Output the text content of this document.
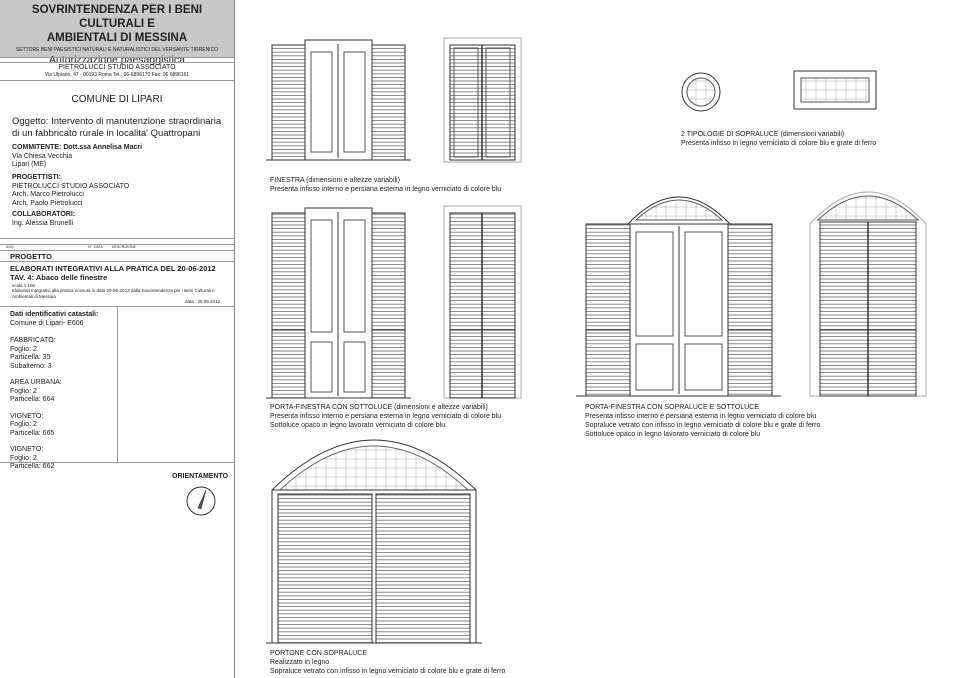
SOVRINTENDENZA PER I BENI CULTURALI E
AMBIENTALI DI MESSINA
SETTORE BENI PAESISTICI NATURALI E NATURALISTICI DEL VERSANTE TIRRENICO
Autorizzazione paesaggistica
PIETROLUCCI STUDIO ASSOCIATO
Via Ulpiano, 47 - 00193 Roma Tel.: 06-6896170 Fax: 06 6896161
COMUNE DI LIPARI
Oggetto: Intervento di manutenzione straordinaria
di un fabbricato rurale in localita' Quattropani
COMMITENTE: Dott.ssa Annelisa Macri
Via Chiesa Vecchia
Lipari (ME)
PROGETTISTI:
PIETROLUCCI STUDIO ASSOCIATO
Arch. Marco Pietrolucci
Arch. Paolo Pietrolucci
COLLABORATORI:
Ing. Alessia Brunelli
AGG.	N° DATA	DESCRIZIONE
PROGETTO
ELABORATI INTEGRATIVI ALLA PRATICA DEL 20-06-2012
TAV. 4: Abaco delle finestre
scala 1:100
Elaborati Integrativi alla pratica ricevuta in data 20-06-2012 dalla Sovrintendenza per i Beni Culturali e Ambientali di Messina
data : 26.09.2012
Dati identificativi catastali:
Comune di Lipari- E606
FABBRICATO:
Foglio: 2
Particella: 35
Subalterno: 3
AREA URBANA:
Foglio: 2
Particella: 664
VIGNETO:
Foglio: 2
Particella: 665
VIGNETO:
Foglio: 2
Particella: 662
ORIENTAMENTO
2 TIPOLOGIE DI SOPRALUCE (dimensioni variabili)
Presenta infisso in legno verniciato di colore blu e grate di ferro
FINESTRA (dimensioni e altezze variabili)
Presenta infisso interno e persiana esterna in legno verniciato di colore blu
PORTA-FINESTRA CON SOTTOLUCE (dimensioni e altezze variabili)
Presenta infisso interno e persiana esterna in legno verniciato di colore blu
Sottoluce opaco in legno lavorato verniciato di colore blu
PORTA-FINESTRA CON SOPRALUCE E SOTTOLUCE
Presenta infisso interno e persiana esterna in legno verniciato di colore blu
Sopraluce vetrato con infisso in legno verniciato di colore blu e grate di ferro
Sottoluce opaco in legno lavorato verniciato di colore blu
PORTONE CON SOPRALUCE
Realizzato in legno
Sopraluce vetrato con infisso in legno verniciato di colore blu e grate di ferro
